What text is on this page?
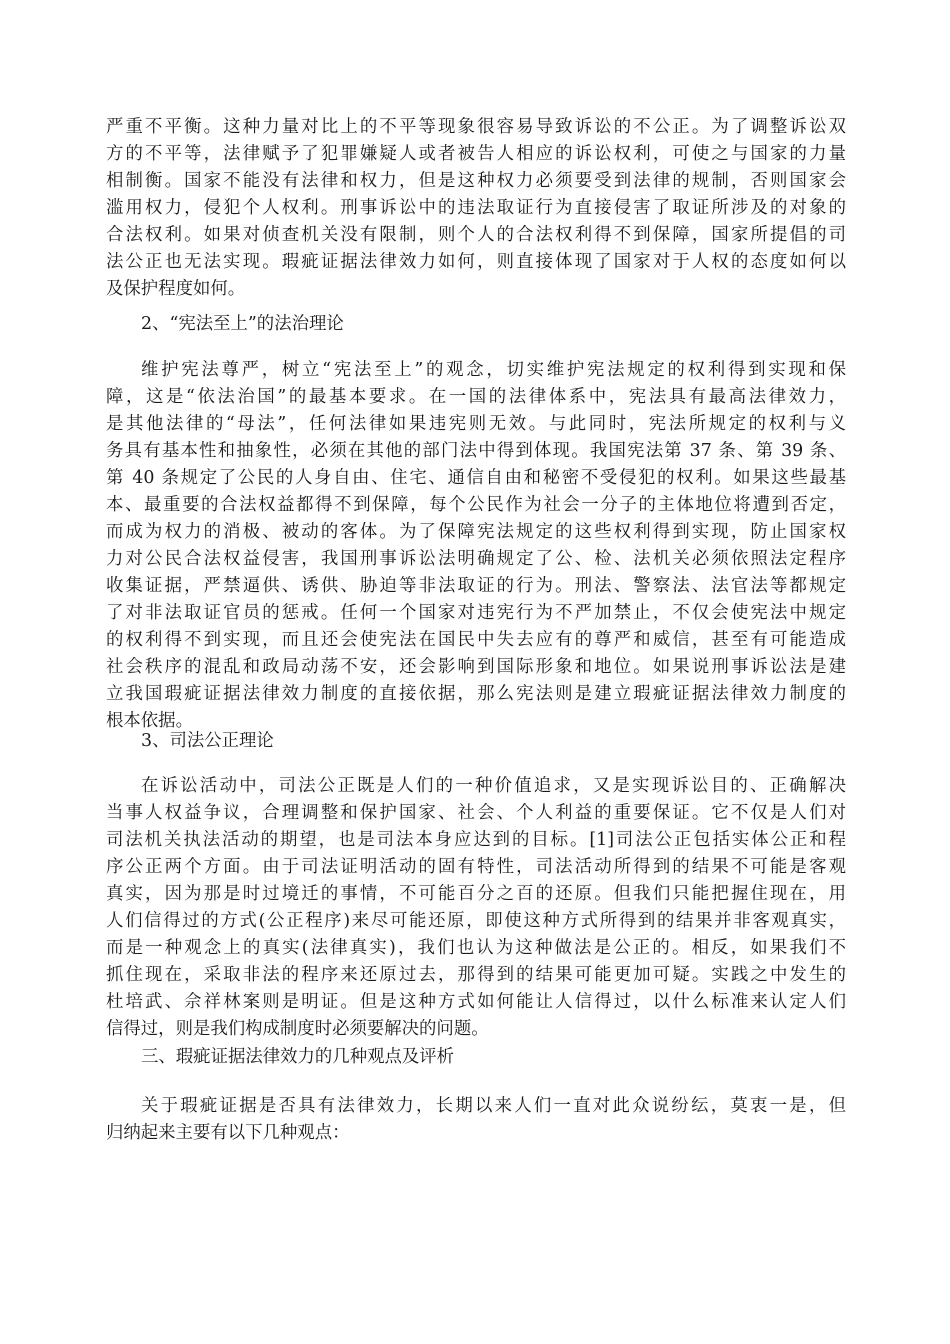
严重不平衡。这种力量对比上的不平等现象很容易导致诉讼的不公正。为了调整诉讼双
方的不平等，法律赋予了犯罪嫌疑人或者被告人相应的诉讼权利，可使之与国家的力量
相制衡。国家不能没有法律和权力，但是这种权力必须要受到法律的规制，否则国家会
滥用权力，侵犯个人权利。刑事诉讼中的违法取证行为直接侵害了取证所涉及的对象的
合法权利。如果对侦查机关没有限制，则个人的合法权利得不到保障，国家所提倡的司
法公正也无法实现。瑕疵证据法律效力如何，则直接体现了国家对于人权的态度如何以
及保护程度如何。
2、“宪法至上”的法治理论
维护宪法尊严，树立“宪法至上”的观念，切实维护宪法规定的权利得到实现和保
障，这是“依法治国”的最基本要求。在一国的法律体系中，宪法具有最高法律效力，
是其他法律的“母法”，任何法律如果违宪则无效。与此同时，宪法所规定的权利与义
务具有基本性和抽象性，必须在其他的部门法中得到体现。我国宪法第 37 条、第 39 条、
第 40 条规定了公民的人身自由、住宅、通信自由和秘密不受侵犯的权利。如果这些最基
本、最重要的合法权益都得不到保障，每个公民作为社会一分子的主体地位将遭到否定，
而成为权力的消极、被动的客体。为了保障宪法规定的这些权利得到实现，防止国家权
力对公民合法权益侵害，我国刑事诉讼法明确规定了公、检、法机关必须依照法定程序
收集证据，严禁逼供、诱供、胁迫等非法取证的行为。刑法、警察法、法官法等都规定
了对非法取证官员的惩戒。任何一个国家对违宪行为不严加禁止，不仅会使宪法中规定
的权利得不到实现，而且还会使宪法在国民中失去应有的尊严和威信，甚至有可能造成
社会秩序的混乱和政局动荡不安，还会影响到国际形象和地位。如果说刑事诉讼法是建
立我国瑕疵证据法律效力制度的直接依据，那么宪法则是建立瑕疵证据法律效力制度的
根本依据。
3、司法公正理论
在诉讼活动中，司法公正既是人们的一种价值追求，又是实现诉讼目的、正确解决
当事人权益争议，合理调整和保护国家、社会、个人利益的重要保证。它不仅是人们对
司法机关执法活动的期望，也是司法本身应达到的目标。[1]司法公正包括实体公正和程
序公正两个方面。由于司法证明活动的固有特性，司法活动所得到的结果不可能是客观
真实，因为那是时过境迁的事情，不可能百分之百的还原。但我们只能把握住现在，用
人们信得过的方式(公正程序)来尽可能还原，即使这种方式所得到的结果并非客观真实，
而是一种观念上的真实(法律真实)，我们也认为这种做法是公正的。相反，如果我们不
抓住现在，采取非法的程序来还原过去，那得到的结果可能更加可疑。实践之中发生的
杜培武、佘祥林案则是明证。但是这种方式如何能让人信得过，以什么标准来认定人们
信得过，则是我们构成制度时必须要解决的问题。
三、瑕疵证据法律效力的几种观点及评析
关于瑕疵证据是否具有法律效力，长期以来人们一直对此众说纷纭，莫衷一是，但
归纳起来主要有以下几种观点：
